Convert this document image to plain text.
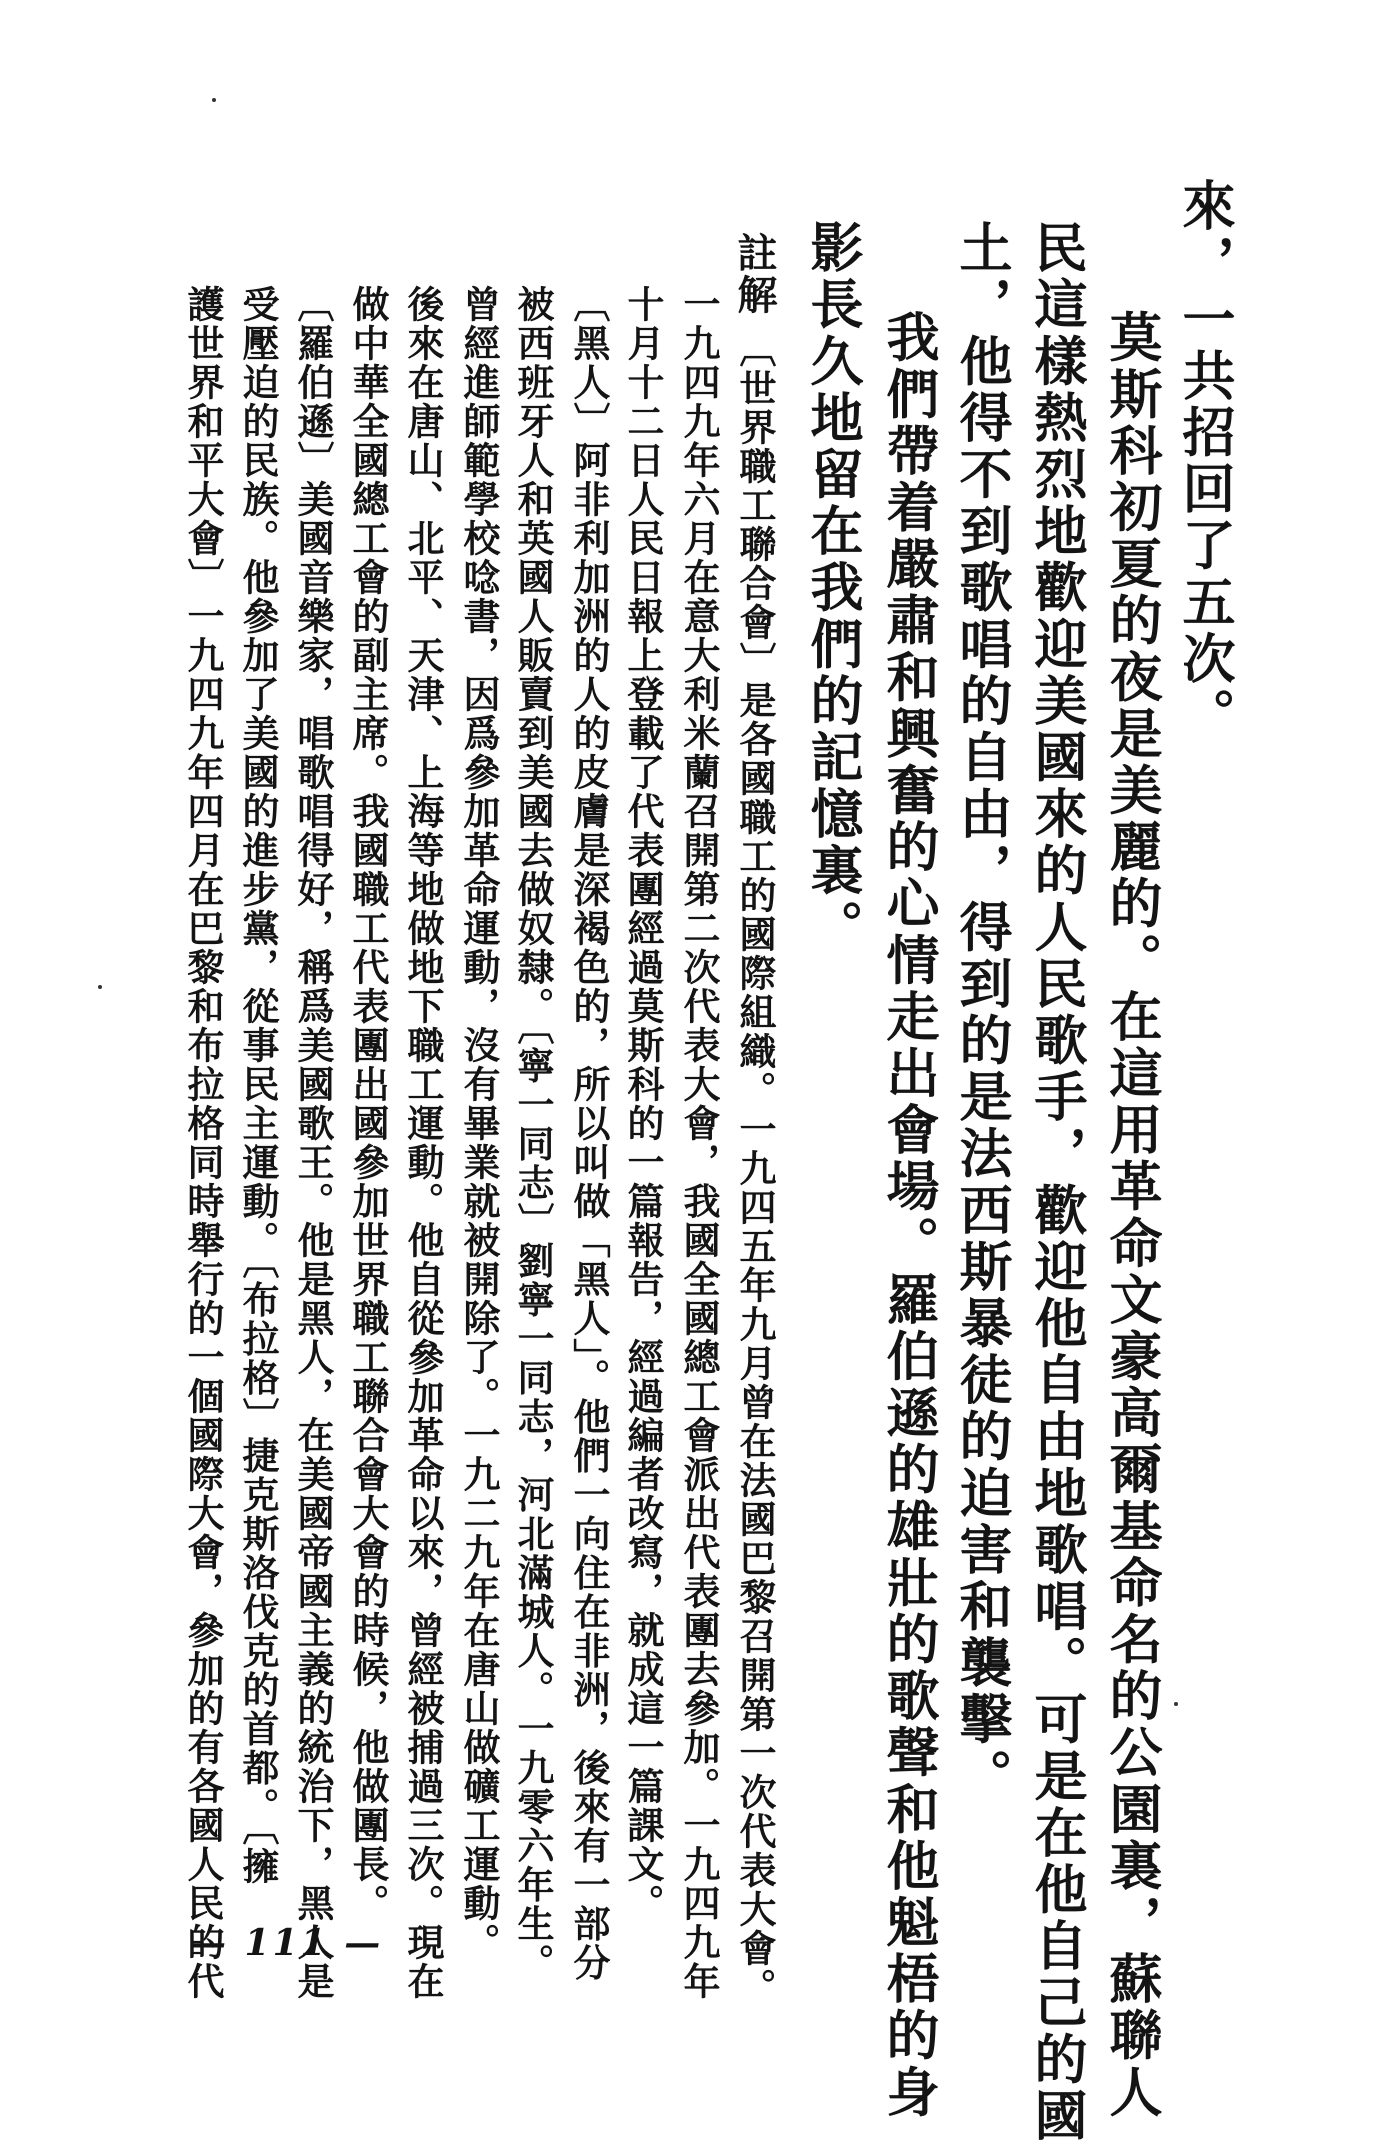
來，一共招回了五次。
　莫斯科初夏的夜是美麗的。在這用革命文豪高爾基命名的公園裏，蘇聯人
民這樣熱烈地歡迎美國來的人民歌手，歡迎他自由地歌唱。可是在他自己的國
土，他得不到歌唱的自由，得到的是法西斯暴徒的迫害和襲擊。
　我們帶着嚴肅和興奮的心情走出會場。羅伯遜的雄壯的歌聲和他魁梧的身
影長久地留在我們的記憶裏。
註解
〔世界職工聯合會〕是各國職工的國際組織。一九四五年九月曾在法國巴黎召開第一次代表大會。
一九四九年六月在意大利米蘭召開第二次代表大會，我國全國總工會派出代表團去參加。一九四九年
十月十二日人民日報上登載了代表團經過莫斯科的一篇報告，經過編者改寫，就成這一篇課文。
〔黑人〕阿非利加洲的人的皮膚是深褐色的，所以叫做「黑人」。他們一向住在非洲，後來有一部分
被西班牙人和英國人販賣到美國去做奴隸。〔寧一同志〕劉寧一同志，河北滿城人。一九零六年生。
曾經進師範學校唸書，因爲參加革命運動，沒有畢業就被開除了。一九二九年在唐山做礦工運動。
後來在唐山、北平、天津、上海等地做地下職工運動。他自從參加革命以來，曾經被捕過三次。現在
做中華全國總工會的副主席。我國職工代表團出國參加世界職工聯合會大會的時候，他做團長。
〔羅伯遜〕美國音樂家，唱歌唱得好，稱爲美國歌王。他是黑人，在美國帝國主義的統治下，黑人是
受壓迫的民族。他參加了美國的進步黨，從事民主運動。〔布拉格〕捷克斯洛伐克的首都。〔擁
護世界和平大會〕一九四九年四月在巴黎和布拉格同時舉行的一個國際大會，參加的有各國人民的代
— 111 —
